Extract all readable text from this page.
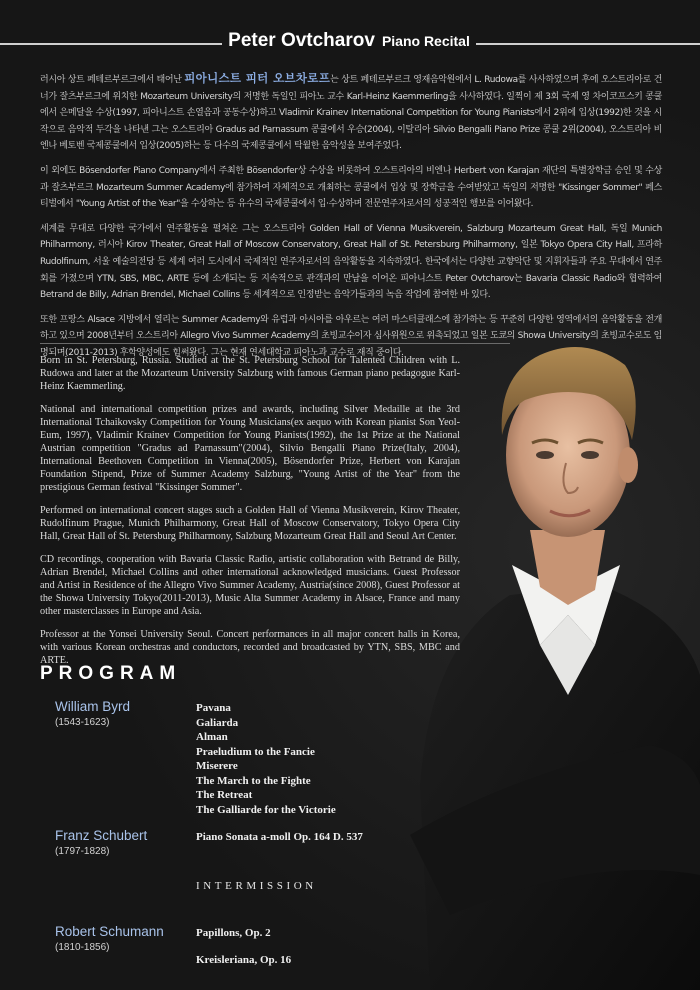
Peter Ovtcharov Piano Recital

러시아 상트 페테르부르크에서 태어난 피아니스트 피터 오브차로프는 상트 페테르부르크 영재음악원에서 L. Rudowa를 사사하였으며 후에 오스트리아로 건너가 잘츠부르크에 위치한 Mozarteum University의 저명한 독일인 피아노 교수 Karl-Heinz Kaemmerling을 사사하였다. 일찍이 제 3회 국제 영 차이코프스키 콩쿨에서 은메달을 수상(1997, 피아니스트 손열음과 공동수상)하고 Vladimir Krainev International Competition for Young Pianists에서 2위에 입상(1992)한 것을 시작으로 음악적 두각을 나타낸 그는 오스트리아 Gradus ad Parnassum 콩쿨에서 우승(2004), 이탈리아 Silvio Bengalli Piano Prize 콩쿨 2위(2004), 오스트리아 비엔나 베토벤 국제콩쿨에서 입상(2005)하는 등 다수의 국제콩쿨에서 탁월한 음악성을 보여주었다.

이 외에도 Bösendorfer Piano Company에서 주최한 Bösendorfer상 수상을 비롯하여 오스트리아의 비엔나 Herbert von Karajan 재단의 특별장학금 승인 및 수상과 잘츠부르크 Mozarteum Summer Academy에 참가하여 자체적으로 개최하는 콩쿨에서 입상 및 장학금을 수여받았고 독일의 저명한 "Kissinger Sommer" 페스티벌에서 "Young Artist of the Year"을 수상하는 등 유수의 국제콩쿨에서 입·수상하며 전문연주자로서의 성공적인 행보를 이어왔다.

세계를 무대로 다양한 국가에서 연주활동을 펼쳐온 그는 오스트리아 Golden Hall of Vienna Musikverein, Salzburg Mozarteum Great Hall, 독일 Munich Philharmony, 러시아 Kirov Theater, Great Hall of Moscow Conservatory, Great Hall of St. Petersburg Philharmony, 일본 Tokyo Opera City Hall, 프라하 Rudolfinum, 서울 예술의전당 등 세계 여러 도시에서 국제적인 연주자로서의 음악활동을 지속하였다. 한국에서는 다양한 교향악단 및 지휘자들과 주요 무대에서 연주회를 가졌으며 YTN, SBS, MBC, ARTE 등에 소개되는 등 지속적으로 관객과의 만남을 이어온 피아니스트 Peter Ovtcharov는 Bavaria Classic Radio와 협력하여 Betrand de Billy, Adrian Brendel, Michael Collins 등 세계적으로 인정받는 음악가들과의 녹음 작업에 참여한 바 있다.

또한 프랑스 Alsace 지방에서 열리는 Summer Academy와 유럽과 아시아를 아우르는 여러 마스터클래스에 참가하는 등 꾸준히 다양한 영역에서의 음악활동을 전개하고 있으며 2008년부터 오스트리아 Allegro Vivo Summer Academy의 초빙교수이자 심사위원으로 위촉되었고 일본 도쿄의 Showa University의 초빙교수로도 임명되며(2011-2013) 후학양성에도 힘써왔다. 그는 현재 연세대학교 피아노과 교수로 재직 중이다.

Born in St. Petersburg, Russia. Studied at the St. Petersburg School for Talented Children with L. Rudowa and later at the Mozarteum University Salzburg with famous German piano pedagogue Karl-Heinz Kaemmerling.

National and international competition prizes and awards, including Silver Medaille at the 3rd International Tchaikovsky Competition for Young Musicians(ex aequo with Korean pianist Son Yeol-Eum, 1997), Vladimir Krainev Competition for Young Pianists(1992), the 1st Prize at the National Austrian competition "Gradus ad Parnassum"(2004), Silvio Bengalli Piano Prize(Italy, 2004), International Beethoven Competition in Vienna(2005), Bösendorfer Prize, Herbert von Karajan Foundation Stipend, Prize of Summer Academy Salzburg, "Young Artist of the Year" from the prestigious German festival "Kissinger Sommer".

Performed on international concert stages such a Golden Hall of Vienna Musikverein, Kirov Theater, Rudolfinum Prague, Munich Philharmony, Great Hall of Moscow Conservatory, Tokyo Opera City Hall, Great Hall of St. Petersburg Philharmony, Salzburg Mozarteum Great Hall and Seoul Art Center.

CD recordings, cooperation with Bavaria Classic Radio, artistic collaboration with Betrand de Billy, Adrian Brendel, Michael Collins and other international acknowledged musicians. Guest Professor and Artist in Residence of the Allegro Vivo Summer Academy, Austria(since 2008), Guest Professor at the Showa University Tokyo(2011-2013), Music Alta Summer Academy in Alsace, France and many other masterclasses in Europe and Asia.

Professor at the Yonsei University Seoul. Concert performances in all major concert halls in Korea, with various Korean orchestras and conductors, recorded and broadcasted by YTN, SBS, MBC and ARTE.

PROGRAM
William Byrd
(1543-1623)
Pavana
Galiarda
Alman
Praeludium to the Fancie
Miserere
The March to the Fighte
The Retreat
The Galliarde for the Victorie
Franz Schubert
(1797-1828)
Piano Sonata a-moll Op. 164 D. 537
INTERMISSION
Robert Schumann
(1810-1856)
Papillons, Op. 2
Kreisleriana, Op. 16
